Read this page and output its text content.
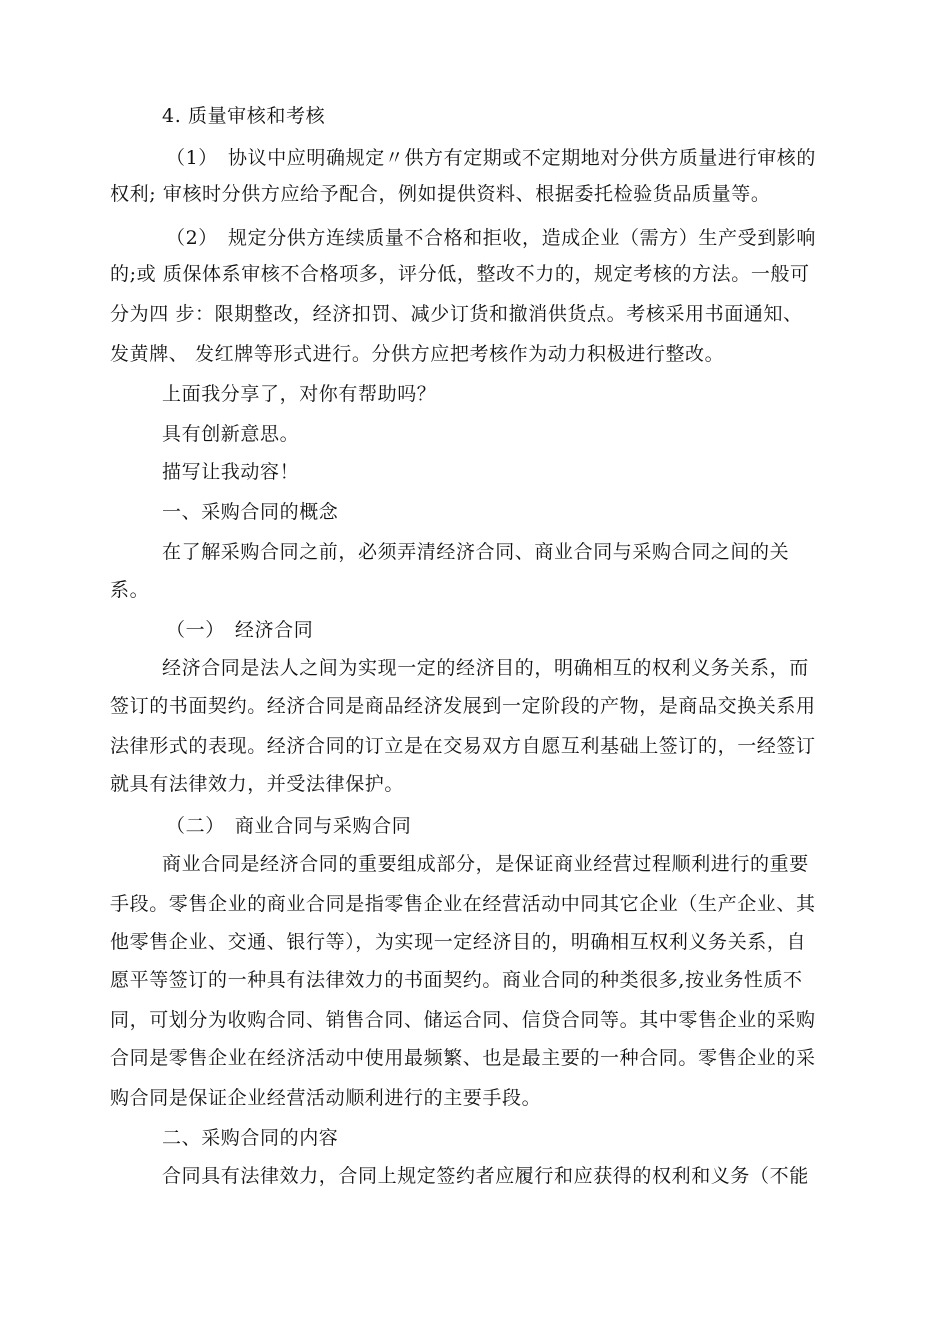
4. 质量审核和考核
（1）　协议中应明确规定〃供方有定期或不定期地对分供方质量进行审核的
权利; 审核时分供方应给予配合，例如提供资料、根据委托检验货品质量等。
（2）　规定分供方连续质量不合格和拒收，造成企业（需方）生产受到影响
的;或 质保体系审核不合格项多，评分低，整改不力的，规定考核的方法。一般可
分为四 步：限期整改，经济扣罚、减少订货和撤消供货点。考核采用书面通知、
发黄牌、 发红牌等形式进行。分供方应把考核作为动力积极进行整改。
上面我分享了，对你有帮助吗？
具有创新意思。
描写让我动容！
一、采购合同的概念
在了解采购合同之前，必须弄清经济合同、商业合同与采购合同之间的关
系。
（一）　经济合同
经济合同是法人之间为实现一定的经济目的，明确相互的权利义务关系，而
签订的书面契约。经济合同是商品经济发展到一定阶段的产物，是商品交换关系用
法律形式的表现。经济合同的订立是在交易双方自愿互利基础上签订的，一经签订
就具有法律效力，并受法律保护。
（二）　商业合同与采购合同
商业合同是经济合同的重要组成部分，是保证商业经营过程顺利进行的重要
手段。零售企业的商业合同是指零售企业在经营活动中同其它企业（生产企业、其
他零售企业、交通、银行等），为实现一定经济目的，明确相互权利义务关系，自
愿平等签订的一种具有法律效力的书面契约。商业合同的种类很多,按业务性质不
同，可划分为收购合同、销售合同、储运合同、信贷合同等。其中零售企业的采购
合同是零售企业在经济活动中使用最频繁、也是最主要的一种合同。零售企业的采
购合同是保证企业经营活动顺利进行的主要手段。
二、采购合同的内容
合同具有法律效力，合同上规定签约者应履行和应获得的权利和义务（不能
